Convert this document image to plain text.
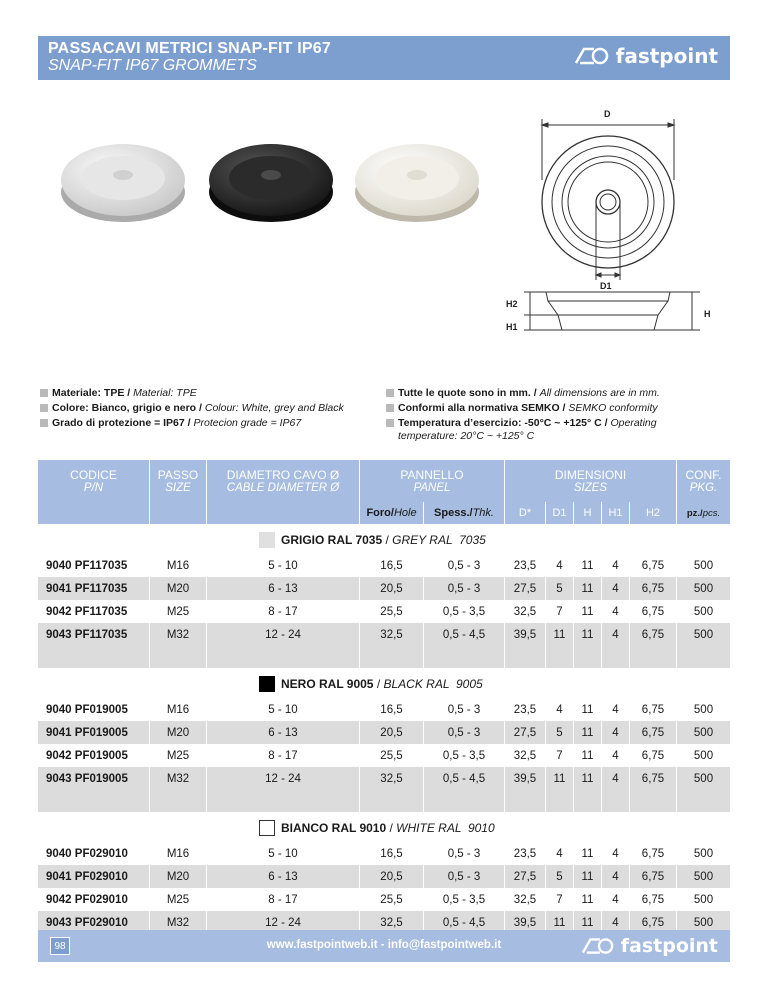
PASSACAVI METRICI SNAP-FIT IP67
SNAP-FIT IP67 GROMMETS	fastpoint
D
D1
H2
H1
H
Materiale: TPE / Material: TPE
Colore: Bianco, grigio e nero / Colour: White, grey and Black
Grado di protezione = IP67 / Protecion grade = IP67
Tutte le quote sono in mm. / All dimensions are in mm.
Conformi alla normativa SEMKO / SEMKO conformity
Temperatura d’esercizio: -50°C ~ +125° C / Operating temperature: 20°C ~ +125° C
CODICE
P/N
PASSO
SIZE
DIAMETRO CAVO Ø
CABLE DIAMETER Ø
PANNELLO
PANEL
DIMENSIONI
SIZES
CONF.
PKG.
Foro/ Hole Spess./ Thk.	D*	D1	H	H1	H2	pz./ pcs.
GRIGIO RAL 7035 / GREY RAL  7035
9040 PF117035	M16	5 - 10	16,5	0,5 - 3	23,5	4	11	4	6,75	500
9041 PF117035	M20	6 - 13	20,5	0,5 - 3	27,5	5	11	4	6,75	500
9042 PF117035	M25	8 - 17	25,5	0,5 - 3,5	32,5	7	11	4	6,75	500
9043 PF117035	M32	12 - 24	32,5	0,5 - 4,5	39,5	11	11	4	6,75	500
NERO RAL 9005 / BLACK RAL  9005
9040 PF019005	M16	5 - 10	16,5	0,5 - 3	23,5	4	11	4	6,75	500
9041 PF019005	M20	6 - 13	20,5	0,5 - 3	27,5	5	11	4	6,75	500
9042 PF019005	M25	8 - 17	25,5	0,5 - 3,5	32,5	7	11	4	6,75	500
9043 PF019005	M32	12 - 24	32,5	0,5 - 4,5	39,5	11	11	4	6,75	500
BIANCO RAL 9010 / WHITE RAL  9010
9040 PF029010	M16	5 - 10	16,5	0,5 - 3	23,5	4	11	4	6,75	500
9041 PF029010	M20	6 - 13	20,5	0,5 - 3	27,5	5	11	4	6,75	500
9042 PF029010	M25	8 - 17	25,5	0,5 - 3,5	32,5	7	11	4	6,75	500
9043 PF029010	M32	12 - 24	32,5	0,5 - 4,5	39,5	11	11	4	6,75	500
98	www.fastpointweb.it - info@fastpointweb.it	fastpoint
